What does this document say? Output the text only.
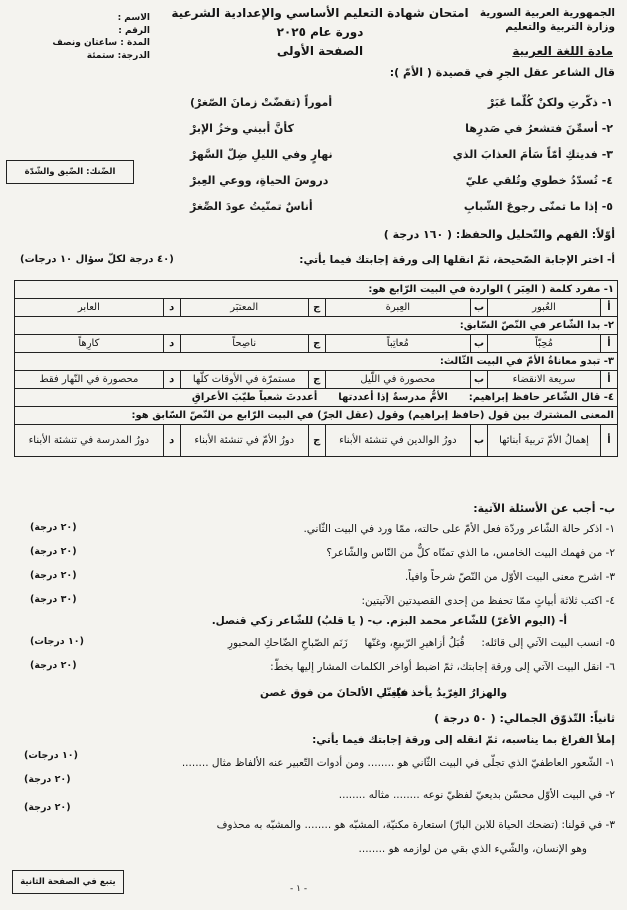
الجمهورية العربية السورية
وزارة التربية والتعليم
امتحان شهادة التعليم الأساسي والإعدادية الشرعية
دورة عام ٢٠٢٥
الصفحة الأولى
الاسم :
الرقم :
المدة : ساعتان ونصف
الدرجة: ستمئة	مادة اللغة العربية
قال الشاعر عقل الجرِ في قصيدة ( الأمّ ):
١- ذكّرتِ ولكنْ كُلّما عَبَرْ
أموراً (تقضّتْ زمانَ الصّغرْ)
٢- أسمِّنَ فتشعرُ في صَدرِها
كأنَّ أبيني وخزُ الإبرْ
٣- فديتكِ أمّاً سَأمَ العذابَ الذي
نهارٍ وفي الليلِ ضِلّ السَّهرْ
٤- تُسدّدُ خطوي وتُلقي عليّ
دروسَ الحياةِ، ووعي العِبرْ
٥- إذا ما تمنّى رجوعَ الشّبابِ
أناسٌ تمنّيتُ عودَ الصِّغرْ
الضّنك: الضّيق والشّدّة
أوّلاً: الفهم والتّحليل والحفظ: ( ١٦٠ درجة )
أ- اختر الإجابة الصّحيحة، ثمّ انقلها إلى ورقة إجابتك فيما يأتي:
(٤٠ درجة لكلّ سؤال ١٠ درجات)
١- مفرد كلمة ( العِبَر ) الواردة في البيت الرّابع هو:							
أ	العُبور	ب	العِبرة	ج	المعتبَر	د	العابر
٢- بدا الشّاعر في النّصّ السّابق:							
أ	مُحِبّاً	ب	مُعاتِباً	ج	ناصِحاً	د	كارِهاً
٣- تبدو معاناةُ الأمّ في البيت الثّالث:							
أ	سريعة الانقضاء	ب	محصورة في اللّيل	ج	مستمرّة في الأوقات كلّها	د	محصورة في النّهار فقط
٤- قال الشّاعر حافظ إبراهيم:  الأمُّ مدرسةٌ إذا أعددتها  أعددتَ شعباً طيّبَ الأعراقِ							
المعنى المشترك بين قول (حافظ إبراهيم) وقول (عقل الجرّ) في البيت الرّابع من النّصّ السّابق هو:							
أ	إهمالُ الأمّ تربيةَ أبنائها	ب	دورُ الوالدين في تنشئة الأبناء	ج	دورُ الأمّ في تنشئة الأبناء	د	دورُ المدرسة في تنشئة الأبناء
ب- أجب عن الأسئلة الآتية:
١- اذكر حالة الشّاعر وردّة فعل الأمّ على حالته، ممّا ورد في البيت الثّاني.
(٢٠ درجة)
٢- من فهمك البيت الخامس، ما الذي تمنّاه كلٌّ من النّاس والشّاعر؟
(٢٠ درجة)
٣- اشرح معنى البيت الأوّل من النّصّ شرحاً وافياً.
(٢٠ درجة)
٤- اكتب ثلاثة أبياتٍ ممّا تحفظ من إحدى القصيدتين الآتيتين:
(٣٠ درجة)
أ- (اليوم الأغرّ) للشّاعر محمد البزم. ب- ( يا قلبُ) للشّاعر زكي قنصل.
٥- انسب البيت الآتي إلى قائله:  قُبَلُ أزاهيرِ الرّبيعِ، وغنّها  زَنَم الصّباحِ الضّاحكِ المحبورِ
(١٠ درجات)
٦- انقل البيت الآتي إلى ورقة إجابتك، ثمّ اضبط أواخر الكلمات المشار إليها بخطّ:
(٢٠ درجة)
والهزارُ الغِرّيدُ يأخذ علينا
فيُغنّي الألحانَ من فوق غصن
ثانياً: التّذوّق الجمالي: ( ٥٠ درجة )
إملأ الفراغ بما يناسبه، ثمّ انقله إلى ورقة إجابتك فيما يأتي:
١- الشّعور العاطفيّ الذي تجلّى في البيت الثّاني هو ........ ومن أدوات التّعبير عنه الألفاظ مثال ........
(١٠ درجات)
(٢٠ درجة)
٢- في البيت الأوّل محسّن بديعيّ لفظيّ نوعه ........ مثاله ........
٣- في قولنا: (تضحك الحياة للابن البارّ) استعارة مكنيّة، المشبّه هو ........ والمشبّه به محذوف
(٢٠ درجة)
وهو الإنسان، والشّيء الذي بقي من لوازمه هو ........
يتبع في الصفحة الثانية
- ١ -
